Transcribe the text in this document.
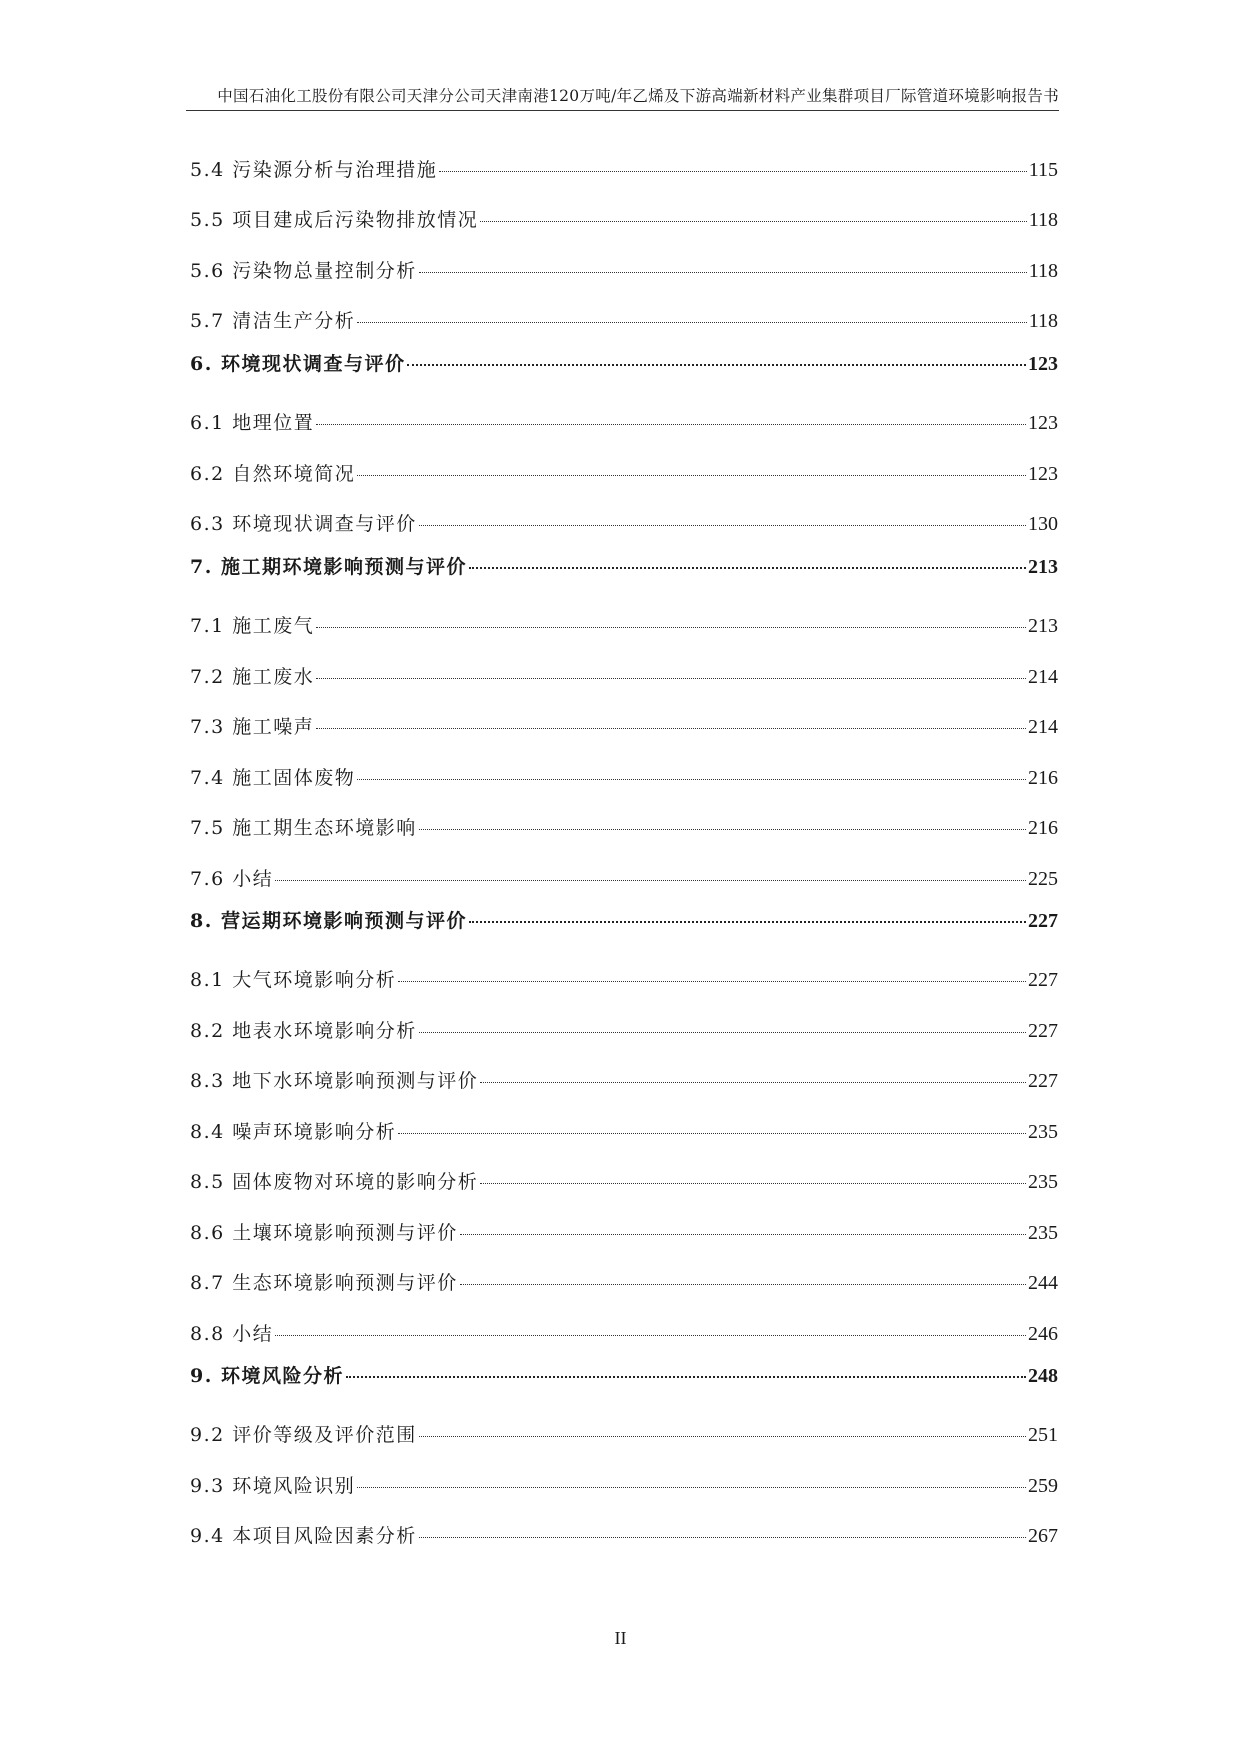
中国石油化工股份有限公司天津分公司天津南港120万吨/年乙烯及下游高端新材料产业集群项目厂际管道环境影响报告书
5.4 污染源分析与治理措施	115
5.5 项目建成后污染物排放情况	118
5.6 污染物总量控制分析	118
5.7 清洁生产分析	118
6. 环境现状调查与评价	123
6.1 地理位置	123
6.2 自然环境简况	123
6.3 环境现状调查与评价	130
7. 施工期环境影响预测与评价	213
7.1 施工废气	213
7.2 施工废水	214
7.3 施工噪声	214
7.4 施工固体废物	216
7.5 施工期生态环境影响	216
7.6 小结	225
8. 营运期环境影响预测与评价	227
8.1 大气环境影响分析	227
8.2 地表水环境影响分析	227
8.3 地下水环境影响预测与评价	227
8.4 噪声环境影响分析	235
8.5 固体废物对环境的影响分析	235
8.6 土壤环境影响预测与评价	235
8.7 生态环境影响预测与评价	244
8.8 小结	246
9. 环境风险分析	248
9.2 评价等级及评价范围	251
9.3 环境风险识别	259
9.4 本项目风险因素分析	267
II
